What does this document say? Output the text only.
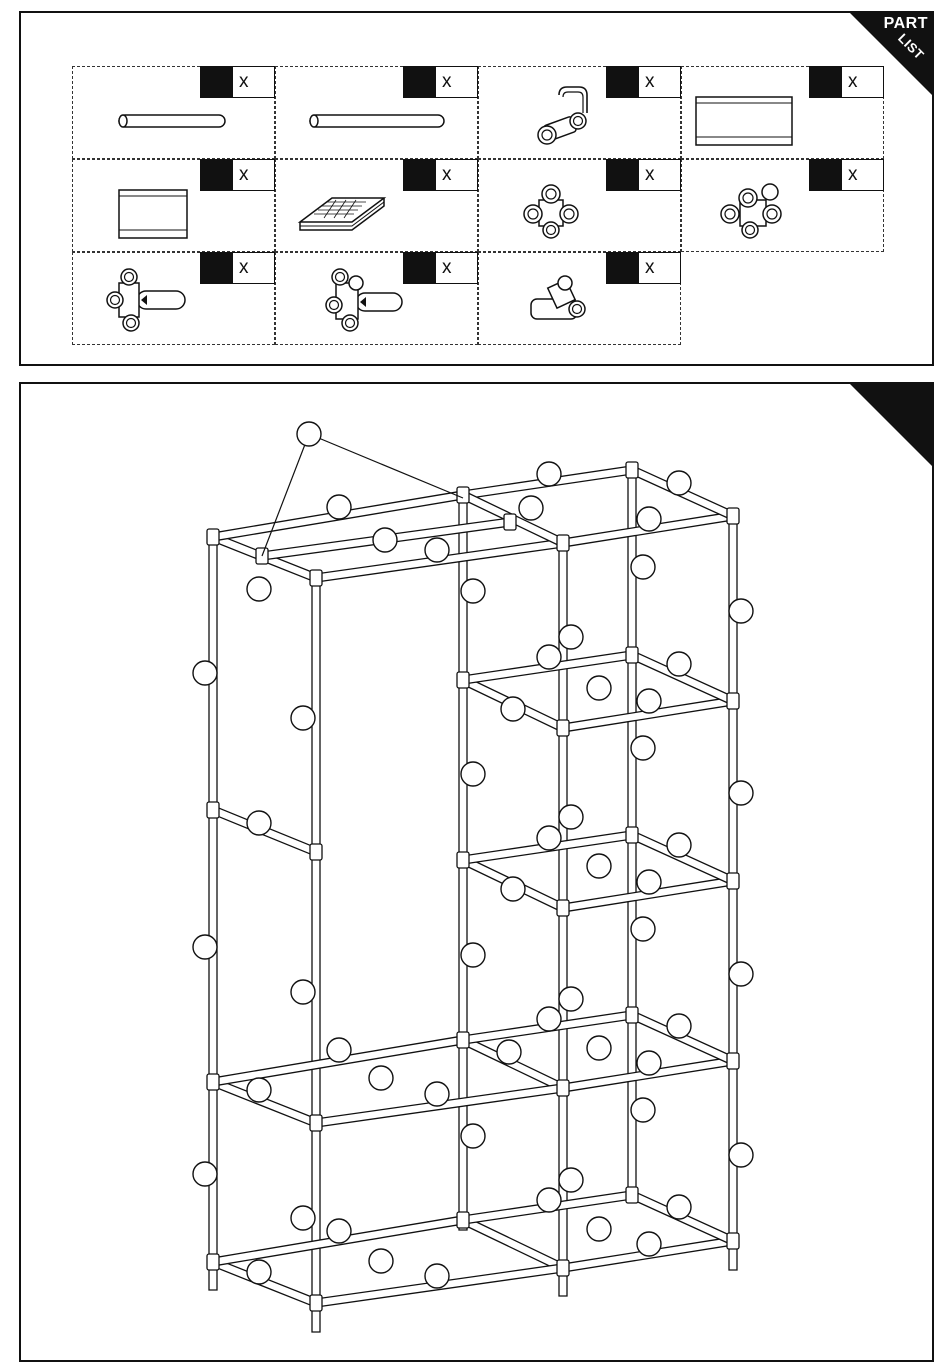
PART
LIST
x	x	x	x
x	x	x	x
x	x	x
